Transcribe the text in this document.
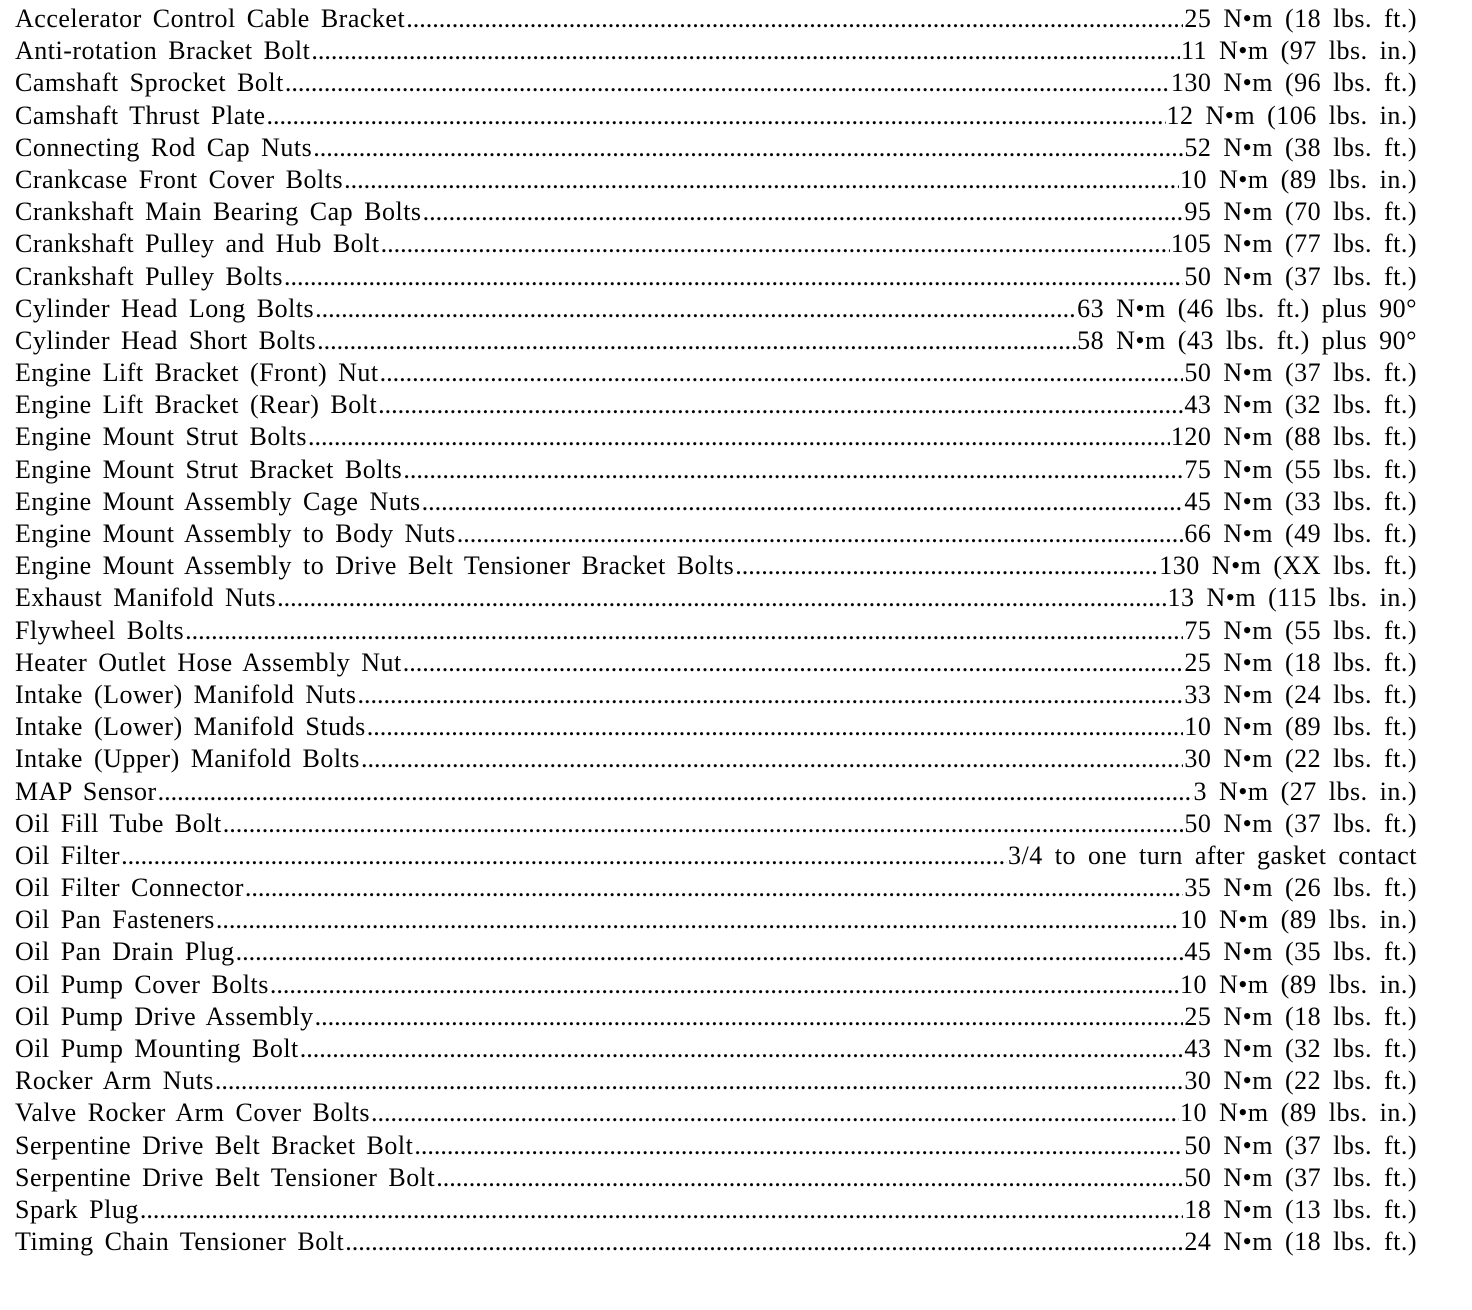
Accelerator Control Cable Bracket .....	25 N•m (18 lbs. ft.)
Anti-rotation Bracket Bolt .....	11 N•m (97 lbs. in.)
Camshaft Sprocket Bolt .....	130 N•m (96 lbs. ft.)
Camshaft Thrust Plate .....	12 N•m (106 lbs. in.)
Connecting Rod Cap Nuts .....	52 N•m (38 lbs. ft.)
Crankcase Front Cover Bolts .....	10 N•m (89 lbs. in.)
Crankshaft Main Bearing Cap Bolts .....	95 N•m (70 lbs. ft.)
Crankshaft Pulley and Hub Bolt .....	105 N•m (77 lbs. ft.)
Crankshaft Pulley Bolts .....	50 N•m (37 lbs. ft.)
Cylinder Head Long Bolts .....	63 N•m (46 lbs. ft.) plus 90°
Cylinder Head Short Bolts .....	58 N•m (43 lbs. ft.) plus 90°
Engine Lift Bracket (Front) Nut .....	50 N•m (37 lbs. ft.)
Engine Lift Bracket (Rear) Bolt .....	43 N•m (32 lbs. ft.)
Engine Mount Strut Bolts .....	120 N•m (88 lbs. ft.)
Engine Mount Strut Bracket Bolts .....	75 N•m (55 lbs. ft.)
Engine Mount Assembly Cage Nuts .....	45 N•m (33 lbs. ft.)
Engine Mount Assembly to Body Nuts .....	66 N•m (49 lbs. ft.)
Engine Mount Assembly to Drive Belt Tensioner Bracket Bolts .....	130 N•m (XX lbs. ft.)
Exhaust Manifold Nuts .....	13 N•m (115 lbs. in.)
Flywheel Bolts .....	75 N•m (55 lbs. ft.)
Heater Outlet Hose Assembly Nut .....	25 N•m (18 lbs. ft.)
Intake (Lower) Manifold Nuts .....	33 N•m (24 lbs. ft.)
Intake (Lower) Manifold Studs .....	10 N•m (89 lbs. ft.)
Intake (Upper) Manifold Bolts .....	30 N•m (22 lbs. ft.)
MAP Sensor .....	3 N•m (27 lbs. in.)
Oil Fill Tube Bolt .....	50 N•m (37 lbs. ft.)
Oil Filter .....	3/4 to one turn after gasket contact
Oil Filter Connector .....	35 N•m (26 lbs. ft.)
Oil Pan Fasteners .....	10 N•m (89 lbs. in.)
Oil Pan Drain Plug .....	45 N•m (35 lbs. ft.)
Oil Pump Cover Bolts .....	10 N•m (89 lbs. in.)
Oil Pump Drive Assembly .....	25 N•m (18 lbs. ft.)
Oil Pump Mounting Bolt .....	43 N•m (32 lbs. ft.)
Rocker Arm Nuts .....	30 N•m (22 lbs. ft.)
Valve Rocker Arm Cover Bolts .....	10 N•m (89 lbs. in.)
Serpentine Drive Belt Bracket Bolt .....	50 N•m (37 lbs. ft.)
Serpentine Drive Belt Tensioner Bolt .....	50 N•m (37 lbs. ft.)
Spark Plug .....	18 N•m (13 lbs. ft.)
Timing Chain Tensioner Bolt .....	24 N•m (18 lbs. ft.)
